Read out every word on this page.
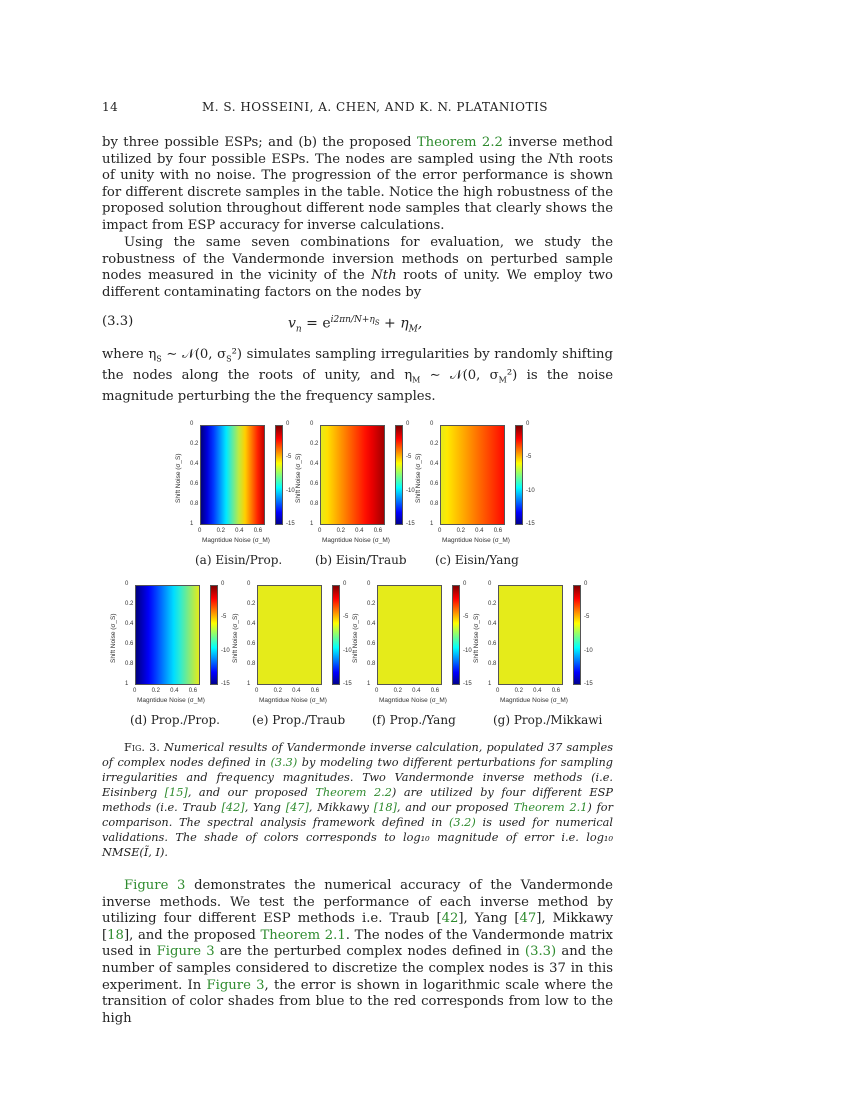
14	M. S. HOSSEINI, A. CHEN, AND K. N. PLATANIOTIS

by three possible ESPs; and (b) the proposed Theorem 2.2 inverse method utilized by four possible ESPs. The nodes are sampled using the Nth roots of unity with no noise. The progression of the error performance is shown for different discrete samples in the table. Notice the high robustness of the proposed solution throughout different node samples that clearly shows the impact from ESP accuracy for inverse calculations.

Using the same seven combinations for evaluation, we study the robustness of the Vandermonde inversion methods on perturbed sample nodes measured in the vicinity of the Nth roots of unity. We employ two different contaminating factors on the nodes by

(3.3)	$v_n = e^{i2\pi n/N+\eta_S} + \eta_M$,

where $\eta_S$ ∼ 𝒩(0, $\sigma_S^2$) simulates sampling irregularities by randomly shifting the nodes along the roots of unity, and $\eta_M$ ∼ 𝒩(0, $\sigma_M^2$) is the noise magnitude perturbing the the frequency samples.

0
0.2
0.4
0.6
0.8
1
0	0.2 0.4 0.6
0
-5
-10
-15
Magntidue Noise (σ_M)
Shift Noise (σ_S)
(a) Eisin/Prop.
0
0.2
0.4
0.6
0.8
1
0	0.2 0.4 0.6
0
-5
-10
-15
Magntidue Noise (σ_M)
Shift Noise (σ_S)
(b) Eisin/Traub
0
0.2
0.4
0.6
0.8
1
0	0.2 0.4 0.6
0
-5
-10
-15
Magntidue Noise (σ_M)
Shift Noise (σ_S)
(c) Eisin/Yang
0
0.2
0.4
0.6
0.8
1
0	0.2 0.4 0.6
0
-5
-10
-15
Magntidue Noise (σ_M)
Shift Noise (σ_S)
(d) Prop./Prop.
0
0.2
0.4
0.6
0.8
1
0	0.2 0.4 0.6
0
-5
-10
-15
Magntidue Noise (σ_M)
Shift Noise (σ_S)
(e) Prop./Traub
0
0.2
0.4
0.6
0.8
1
0	0.2 0.4 0.6
0
-5
-10
-15
Magntidue Noise (σ_M)
Shift Noise (σ_S)
(f) Prop./Yang
0
0.2
0.4
0.6
0.8
1
0	0.2 0.4 0.6
0
-5
-10
-15
Magntidue Noise (σ_M)
Shift Noise (σ_S)
(g) Prop./Mikkawi

Fig. 3. Numerical results of Vandermonde inverse calculation, populated 37 samples of complex nodes defined in (3.3) by modeling two different perturbations for sampling irregularities and frequency magnitudes. Two Vandermonde inverse methods (i.e. Eisinberg [15], and our proposed Theorem 2.2) are utilized by four different ESP methods (i.e. Traub [42], Yang [47], Mikkawy [18], and our proposed Theorem 2.1) for comparison. The spectral analysis framework defined in (3.2) is used for numerical validations. The shade of colors corresponds to log₁₀ magnitude of error i.e. log₁₀ NMSE(Ĩ, I).

Figure 3 demonstrates the numerical accuracy of the Vandermonde inverse methods. We test the performance of each inverse method by utilizing four different ESP methods i.e. Traub [42], Yang [47], Mikkawy [18], and the proposed Theorem 2.1. The nodes of the Vandermonde matrix used in Figure 3 are the perturbed complex nodes defined in (3.3) and the number of samples considered to discretize the complex nodes is 37 in this experiment. In Figure 3, the error is shown in logarithmic scale where the transition of color shades from blue to the red corresponds from low to the high
